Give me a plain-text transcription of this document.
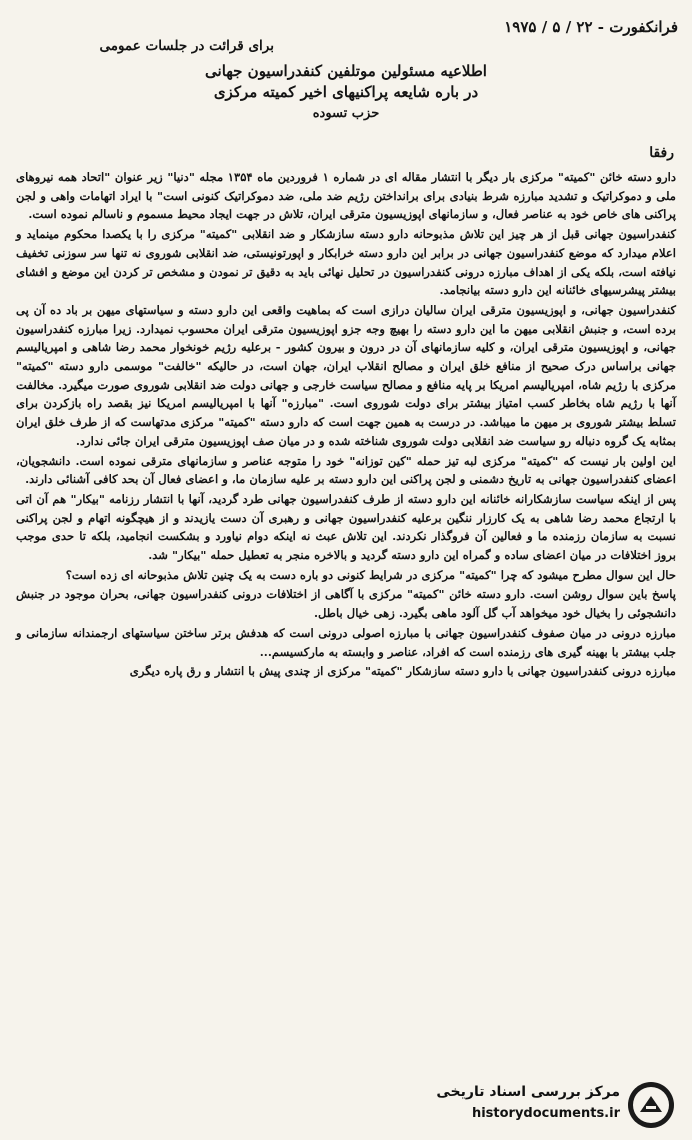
فرانکفورت - ۲۲ / ۵ / ۱۹۷۵
برای قرائت در جلسات عمومی
اطلاعیه مسئولین موتلفین کنفدراسیون جهانی
در باره شایعه پراکنیهای اخیر کمیته مرکزی
حزب تسوده
رفقا

دارو دسته خائن "کمیته" مرکزی بار دیگر با انتشار مقاله ای در شماره ۱ فروردین ماه ۱۳۵۴ مجله "دنیا" زیر عنوان "اتحاد همه نیروهای ملی و دموکراتیک و تشدید مبارزه شرط بنیادی برای برانداختن رژیم ضد ملی، ضد دموکراتیک کنونی است" با ایراد اتهامات واهی و لجن پراکنی های خاص خود به عناصر فعال، و سازمانهای اپوزیسیون مترقی ایران، تلاش در جهت ایجاد محیط مسموم و ناسالم نموده است.

کنفدراسیون جهانی قبل از هر چیز این تلاش مذبوحانه دارو دسته سازشکار و ضد انقلابی "کمیته" مرکزی را با یکصدا محکوم مینماید و اعلام میدارد که موضع کنفدراسیون جهانی در برابر این دارو دسته خرابکار و اپورتونیستی، ضد انقلابی شوروی نه تنها سر سوزنی تخفیف نیافته است، بلکه یکی از اهداف مبارزه درونی کنفدراسیون در تحلیل نهائی باید به دقیق تر نمودن و مشخص تر کردن این موضع و افشای بیشتر پیشرسیهای خائنانه این دارو دسته بیانجامد.

کنفدراسیون جهانی، و اپوزیسیون مترقی ایران سالیان درازی است که بماهیت واقعی این دارو دسته و سیاستهای میهن بر باد ده آن پی برده است، و جنبش انقلابی میهن ما این دارو دسته را بهیچ وجه جزو اپوزیسیون مترقی ایران محسوب نمیدارد. زیرا مبارزه کنفدراسیون جهانی، و اپوزیسیون مترقی ایران، و کلیه سازمانهای آن در درون و بیرون کشور - برعلیه رژیم خونخوار محمد رضا شاهی و امپریالیسم جهانی براساس درک صحیح از منافع خلق ایران و مصالح انقلاب ایران، جهان است، در حالیکه "خالفت" موسمی دارو دسته "کمیته" مرکزی با رژیم شاه، امپریالیسم امریکا بر پایه منافع و مصالح سیاست خارجی و جهانی دولت ضد انقلابی شوروی صورت میگیرد. مخالفت آنها با رژیم شاه بخاطر کسب امتیاز بیشتر برای دولت شوروی است. "مبارزه" آنها با امپریالیسم امریکا نیز بقصد راه بازکردن برای تسلط بیشتر شوروی بر میهن ما میباشد. در درست به همین جهت است که دارو دسته "کمیته" مرکزی مدتهاست که از طرف خلق ایران بمثابه یک گروه دنباله رو سیاست ضد انقلابی دولت شوروی شناخته شده و در میان صف اپوزیسیون مترقی ایران جائی ندارد.

این اولین بار نیست که "کمیته" مرکزی لبه تیز حمله "کین توزانه" خود را متوجه عناصر و سازمانهای مترقی نموده است. دانشجویان، اعضای کنفدراسیون جهانی به تاریخ دشمنی و لجن پراکنی این دارو دسته بر علیه سازمان ما، و اعضای فعال آن بحد کافی آشنائی دارند.

پس از اینکه سیاست سازشکارانه خائنانه این دارو دسته از طرف کنفدراسیون جهانی طرد گردید، آنها با انتشار رزنامه "بیکار" هم آن اتی با ارتجاع محمد رضا شاهی به یک کارزار ننگین برعلیه کنفدراسیون جهانی و رهبری آن دست یازیدند و از هیچگونه اتهام و لجن پراکنی نسبت به سازمان رزمنده ما و فعالین آن فروگذار نکردند. این تلاش عبث نه اینکه دوام نیاورد و بشکست انجامید، بلکه تا حدی موجب بروز اختلافات در میان اعضای ساده و گمراه این دارو دسته گردید و بالاخره منجر به تعطیل حمله "بیکار" شد.

حال این سوال مطرح میشود که چرا "کمیته" مرکزی در شرایط کنونی دو باره دست به یک چنین تلاش مذبوحانه ای زده است؟

پاسخ باین سوال روشن است. دارو دسته خائن "کمیته" مرکزی با آگاهی از اختلافات درونی کنفدراسیون جهانی، بحران موجود در جنبش دانشجوئی را بخیال خود میخواهد آب گل آلود ماهی بگیرد. زهی خیال باطل.

مبارزه درونی در میان صفوف کنفدراسیون جهانی با مبارزه اصولی درونی است که هدفش برتر ساختن سیاستهای ارجمندانه سازمانی و جلب بیشتر با بهینه گیری های رزمنده است که افراد، عناصر و وابسته به مارکسیسم...

مبارزه درونی کنفدراسیون جهانی با دارو دسته سازشکار "کمیته" مرکزی از چندی پیش با انتشار و رق پاره دیگری

مرکز بررسی اسناد تاریخی
historydocuments.ir
